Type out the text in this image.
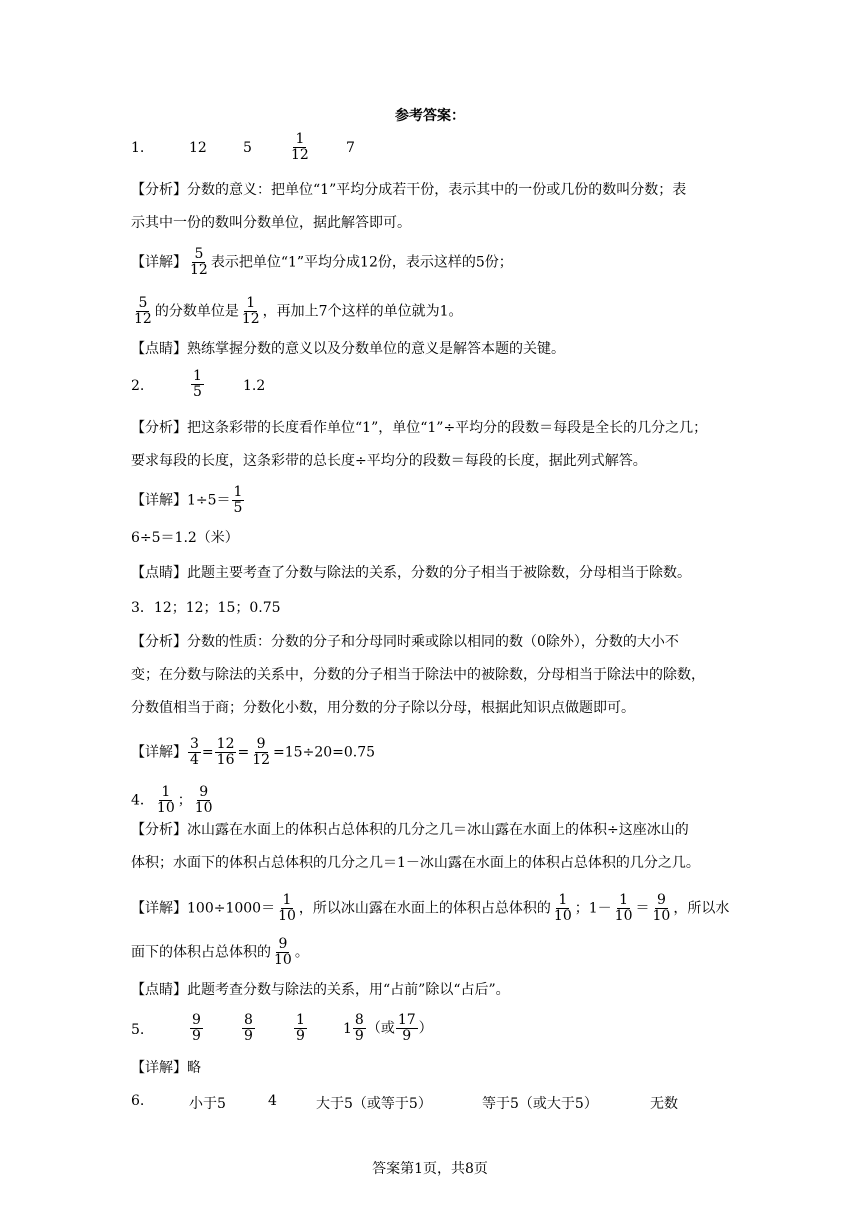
参考答案：
1.	12	5	$\frac{1}{12}$	7
【分析】分数的意义：把单位“1”平均分成若干份，表示其中的一份或几份的数叫分数；表
示其中一份的数叫分数单位，据此解答即可。
【详解】 $\frac{5}{12}$ 表示把单位“1”平均分成12份，表示这样的5份；
$\frac{5}{12}$ 的分数单位是 $\frac{1}{12}$ ，再加上7个这样的单位就为1。
【点睛】熟练掌握分数的意义以及分数单位的意义是解答本题的关键。
2.	$\frac{1}{5}$	1.2
【分析】把这条彩带的长度看作单位“1”，单位“1”÷平均分的段数＝每段是全长的几分之几；
要求每段的长度，这条彩带的总长度÷平均分的段数＝每段的长度，据此列式解答。
【详解】$1\div 5= \frac{1}{5}$
6÷5＝1.2（米）
【点睛】此题主要考查了分数与除法的关系，分数的分子相当于被除数，分母相当于除数。
3．12；12；15；0.75
【分析】分数的性质：分数的分子和分母同时乘或除以相同的数（0除外），分数的大小不
变；在分数与除法的关系中，分数的分子相当于除法中的被除数，分母相当于除法中的除数，
分数值相当于商；分数化小数，用分数的分子除以分母，根据此知识点做题即可。
【详解】 $\frac{3}{4} = \frac{12}{16} = \frac{9}{12} =15\div 20=0.75$
4． $\frac{1}{10}$ ； $\frac{9}{10}$
【分析】冰山露在水面上的体积占总体积的几分之几＝冰山露在水面上的体积÷这座冰山的
体积；水面下的体积占总体积的几分之几＝1－冰山露在水面上的体积占总体积的几分之几。
【详解】$100\div 1000= \frac{1}{10}$ ，所以冰山露在水面上的体积占总体积的 $\frac{1}{10}$ ；$1- \frac{1}{10} = \frac{9}{10}$ ，所以水
面下的体积占总体积的 $\frac{9}{10}$ 。
【点睛】此题考查分数与除法的关系，用“占前”除以“占后”。
5.	$\frac{9}{9}$	$\frac{8}{9}$	$\frac{1}{9}$	1
8
9 （或 $\frac{17}{9}$ ）
【详解】略
6.	小于5	4	大于5（或等于5）	等于5（或大于5）	无数
答案第1页，共8页
